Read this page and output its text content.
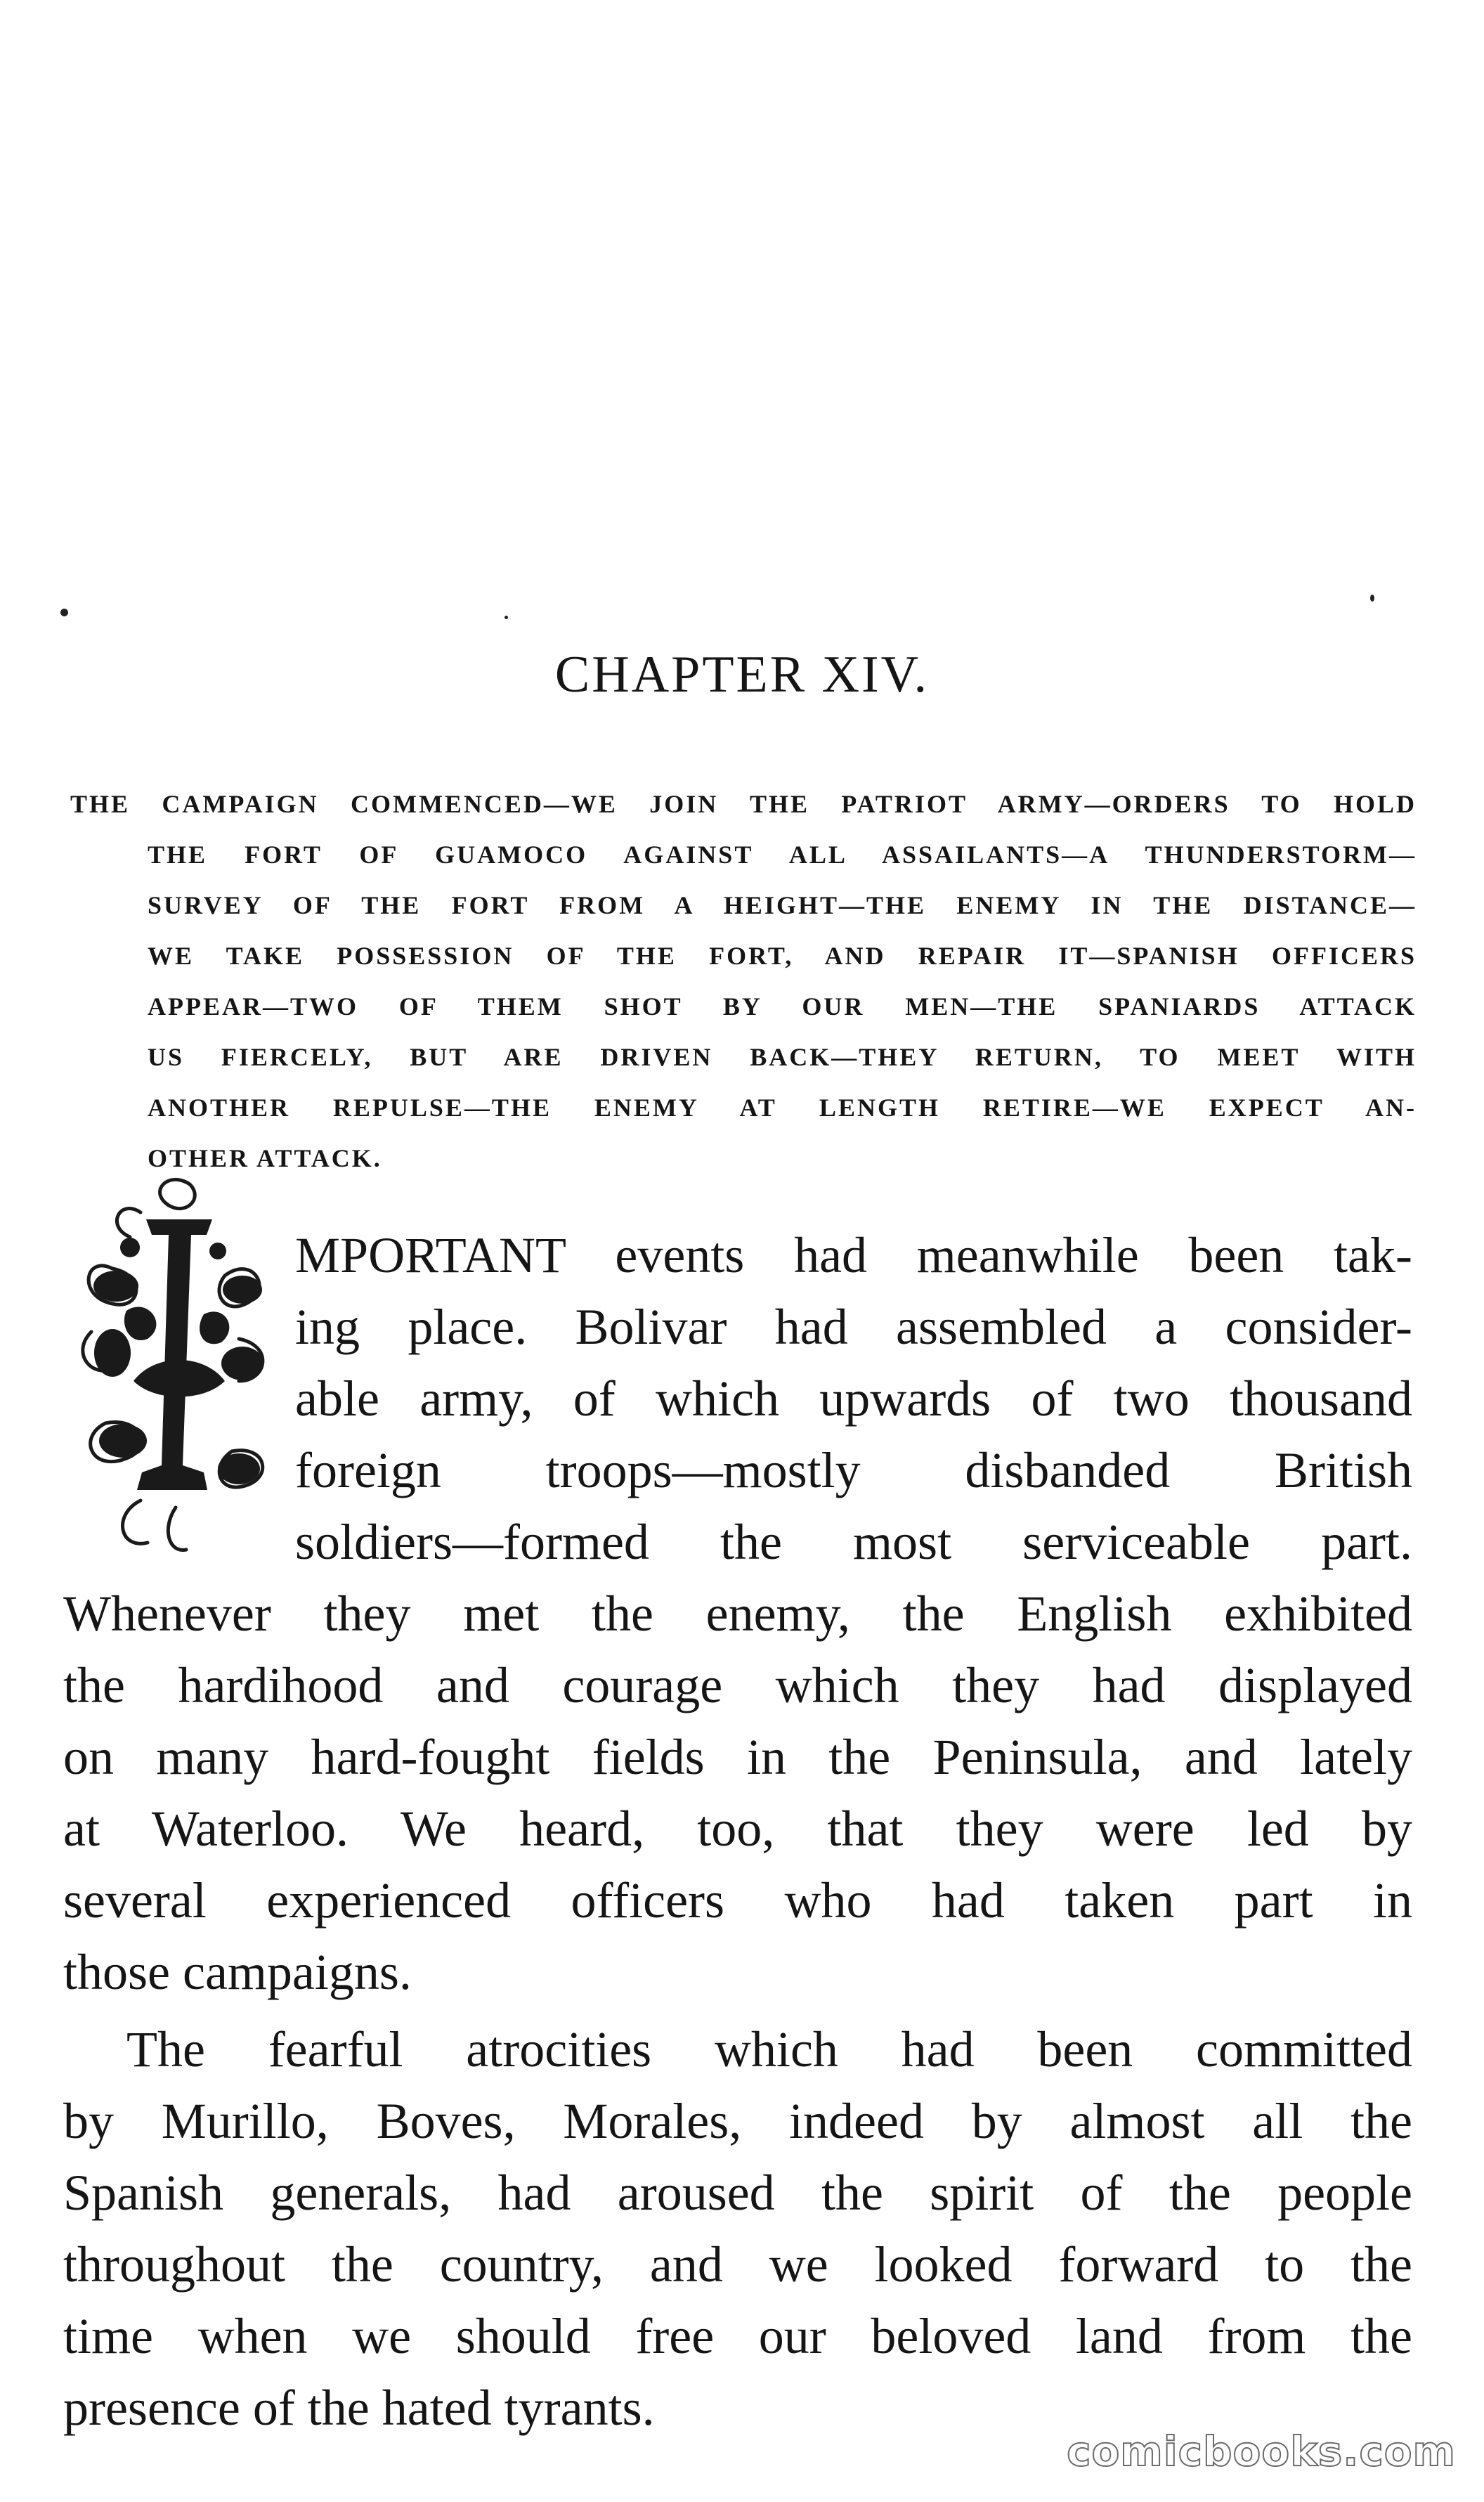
CHAPTER XIV.
THE CAMPAIGN COMMENCED—WE JOIN THE PATRIOT ARMY—ORDERS TO HOLD
THE FORT OF GUAMOCO AGAINST ALL ASSAILANTS—A THUNDERSTORM—
SURVEY OF THE FORT FROM A HEIGHT—THE ENEMY IN THE DISTANCE—
WE TAKE POSSESSION OF THE FORT, AND REPAIR IT—SPANISH OFFICERS
APPEAR—TWO OF THEM SHOT BY OUR MEN—THE SPANIARDS ATTACK
US FIERCELY, BUT ARE DRIVEN BACK—THEY RETURN, TO MEET WITH
ANOTHER REPULSE—THE ENEMY AT LENGTH RETIRE—WE EXPECT AN-
OTHER ATTACK.
MPORTANT events had meanwhile been tak-
ing place. Bolivar had assembled a consider-
able army, of which upwards of two thousand
foreign troops—mostly disbanded British
soldiers—formed the most serviceable part.
Whenever they met the enemy, the English exhibited
the hardihood and courage which they had displayed
on many hard-fought fields in the Peninsula, and lately
at Waterloo. We heard, too, that they were led by
several experienced officers who had taken part in
those campaigns.
The fearful atrocities which had been committed
by Murillo, Boves, Morales, indeed by almost all the
Spanish generals, had aroused the spirit of the people
throughout the country, and we looked forward to the
time when we should free our beloved land from the
presence of the hated tyrants.
comicbooks.com
